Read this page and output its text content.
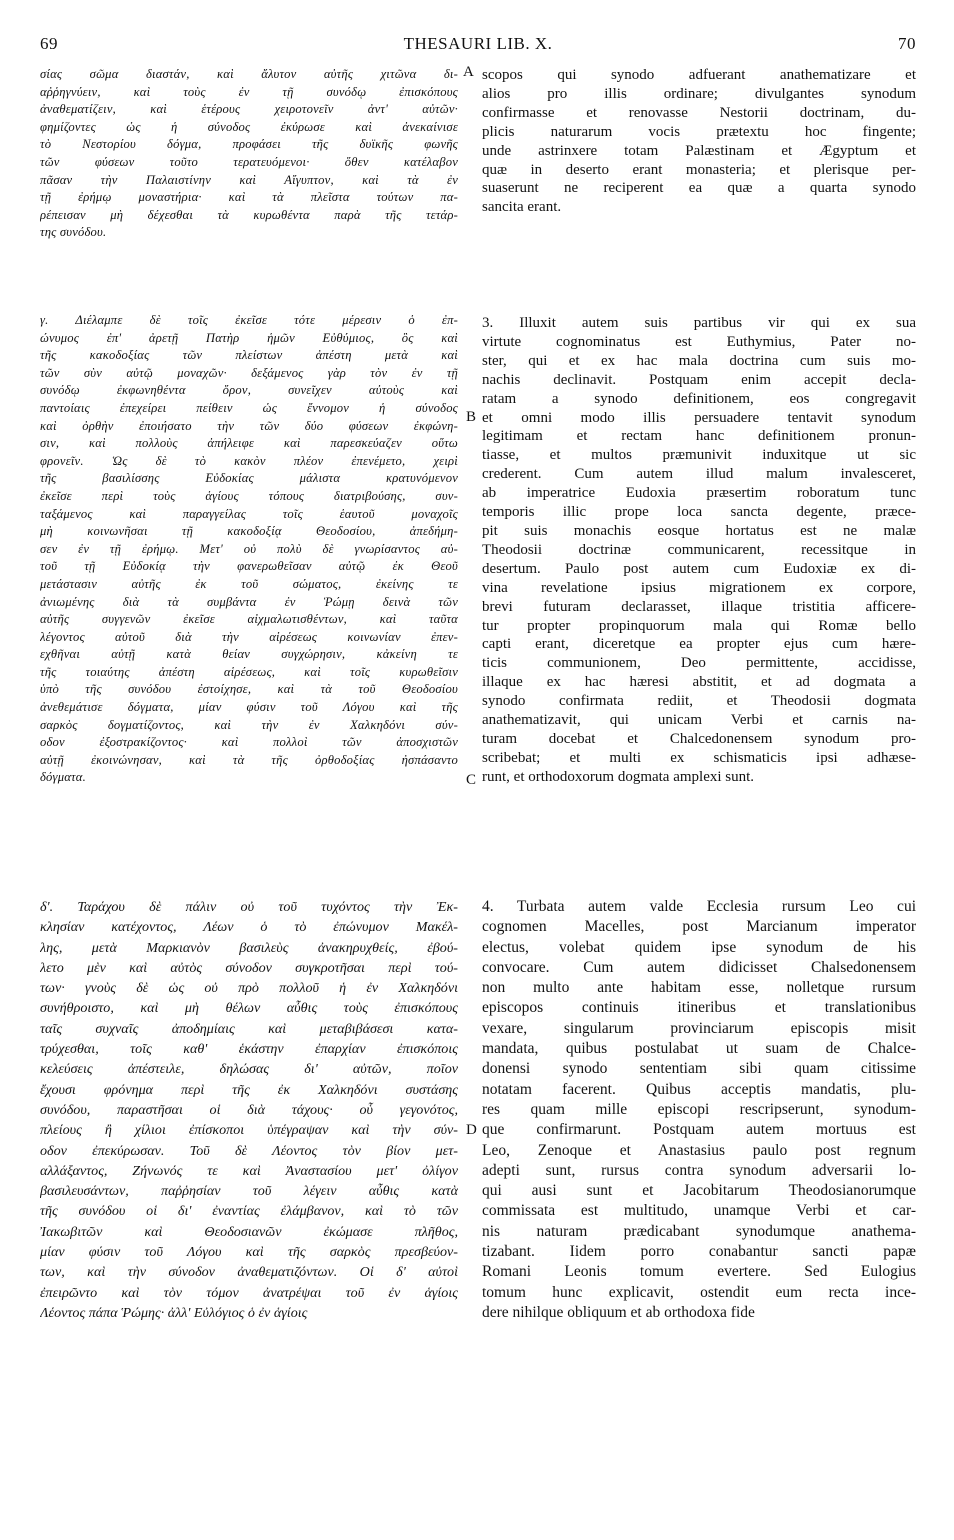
69	THESAURI LIB. X.	70
σίας σῶμα διαστάν, καὶ ἄλυτον αὐτῆς χιτῶνα δι-
αῤῥηγνύειν, καὶ τοὺς ἐν τῇ συνόδῳ ἐπισκόπους
ἀναθεματίζειν, καὶ ἑτέρους χειροτονεῖν ἀντ' αὐτῶν·
φημίζοντες ὡς ἡ σύνοδος ἐκύρωσε καὶ ἀνεκαίνισε
τὸ Νεστορίου δόγμα, προφάσει τῆς δυϊκῆς φωνῆς
τῶν φύσεων τοῦτο τερατευόμενοι· ὅθεν κατέλαβον
πᾶσαν τὴν Παλαιστίνην καὶ Αἴγυπτον, καὶ τὰ ἐν
τῇ ἐρήμῳ μοναστήρια· καὶ τὰ πλεῖστα τούτων πα-
ρέπεισαν μὴ δέχεσθαι τὰ κυρωθέντα παρὰ τῆς τετάρ-
της συνόδου.
scopos qui synodo adfuerant anathematizare et
alios pro illis ordinare; divulgantes synodum
confirmasse et renovasse Nestorii doctrinam, du-
plicis naturarum vocis prætextu hoc fingente;
unde astrinxere totam Palæstinam et Ægyptum et
quæ in deserto erant monasteria; et plerisque per-
suaserunt ne reciperent ea quæ a quarta synodo
sancita erant.
γ. Διέλαμπε δὲ τοῖς ἐκεῖσε τότε μέρεσιν ὁ ἐπ-
ώνυμος ἐπ' ἀρετῇ Πατὴρ ἡμῶν Εὐθύμιος, ὃς καὶ
τῆς κακοδοξίας τῶν πλείστων ἀπέστη μετὰ καὶ
τῶν σὺν αὐτῷ μοναχῶν· δεξάμενος γὰρ τὸν ἐν τῇ
συνόδῳ ἐκφωνηθέντα ὅρον, συνεῖχεν αὐτοὺς καὶ
παντοίαις ἐπεχείρει πείθειν ὡς ἔννομον ἡ σύνοδος
καὶ ὀρθὴν ἐποιήσατο τὴν τῶν δύο φύσεων ἐκφώνη-
σιν, καὶ πολλοὺς ἀπήλειφε καὶ παρεσκεύαζεν οὕτω
φρονεῖν. Ὡς δὲ τὸ κακὸν πλέον ἐπενέμετο, χειρὶ
τῆς βασιλίσσης Εὐδοκίας μάλιστα κρατυνόμενον
ἐκεῖσε περὶ τοὺς ἁγίους τόπους διατριβούσης, συν-
ταξάμενος καὶ παραγγείλας τοῖς ἑαυτοῦ μοναχοῖς
μὴ κοινωνῆσαι τῇ κακοδοξίᾳ Θεοδοσίου, ἀπεδήμη-
σεν ἐν τῇ ἐρήμῳ. Μετ' οὐ πολὺ δὲ γνωρίσαντος αὐ-
τοῦ τῇ Εὐδοκίᾳ τὴν φανερωθεῖσαν αὐτῷ ἐκ Θεοῦ
μετάστασιν αὐτῆς ἐκ τοῦ σώματος, ἐκείνης τε
ἀνιωμένης διὰ τὰ συμβάντα ἐν Ῥώμῃ δεινὰ τῶν
αὐτῆς συγγενῶν ἐκεῖσε αἰχμαλωτισθέντων, καὶ ταῦτα
λέγοντος αὐτοῦ διὰ τὴν αἱρέσεως κοινωνίαν ἐπεν-
εχθῆναι αὐτῇ κατὰ θείαν συγχώρησιν, κἀκείνη τε
τῆς τοιαύτης ἀπέστη αἱρέσεως, καὶ τοῖς κυρωθεῖσιν
ὑπὸ τῆς συνόδου ἐστοίχησε, καὶ τὰ τοῦ Θεοδοσίου
ἀνεθεμάτισε δόγματα, μίαν φύσιν τοῦ Λόγου καὶ τῆς
σαρκὸς δογματίζοντος, καὶ τὴν ἐν Χαλκηδόνι σύν-
οδον ἐξοστρακίζοντος· καὶ πολλοὶ τῶν ἀποσχιστῶν
αὐτῇ ἐκοινώνησαν, καὶ τὰ τῆς ὀρθοδοξίας ἠσπάσαντο
δόγματα.
3. Illuxit autem suis partibus vir qui ex sua
virtute cognominatus est Euthymius, Pater no-
ster, qui et ex hac mala doctrina cum suis mo-
nachis declinavit. Postquam enim accepit decla-
ratam a synodo definitionem, eos congregavit
et omni modo illis persuadere tentavit synodum
legitimam et rectam hanc definitionem pronun-
tiasse, et multos præmunivit induxitque ut sic
crederent. Cum autem illud malum invalesceret,
ab imperatrice Eudoxia præsertim roboratum tunc
temporis illic prope loca sancta degente, præce-
pit suis monachis eosque hortatus est ne malæ
Theodosii doctrinæ communicarent, recessitque in
desertum. Paulo post autem cum Eudoxiæ ex di-
vina revelatione ipsius migrationem ex corpore,
brevi futuram declarasset, illaque tristitia afficere-
tur propter propinquorum mala qui Romæ bello
capti erant, diceretque ea propter ejus cum hære-
ticis communionem, Deo permittente, accidisse,
illaque ex hac hæresi abstitit, et ad dogmata a
synodo confirmata rediit, et Theodosii dogmata
anathematizavit, qui unicam Verbi et carnis na-
turam docebat et Chalcedonensem synodum pro-
scribebat; et multi ex schismaticis ipsi adhæse-
runt, et orthodoxorum dogmata amplexi sunt.
δ'. Ταράχου δὲ πάλιν οὐ τοῦ τυχόντος τὴν Ἐκ-
κλησίαν κατέχοντος, Λέων ὁ τὸ ἐπώνυμον Μακέλ-
λης, μετὰ Μαρκιανὸν βασιλεὺς ἀνακηρυχθείς, ἐβού-
λετο μὲν καὶ αὐτὸς σύνοδον συγκροτῆσαι περὶ τού-
των· γνοὺς δὲ ὡς οὐ πρὸ πολλοῦ ἡ ἐν Χαλκηδόνι
συνήθροιστο, καὶ μὴ θέλων αὖθις τοὺς ἐπισκόπους
ταῖς συχναῖς ἀποδημίαις καὶ μεταβιβάσεσι κατα-
τρύχεσθαι, τοῖς καθ' ἑκάστην ἐπαρχίαν ἐπισκόποις
κελεύσεις ἀπέστειλε, δηλώσας δι' αὐτῶν, ποῖον
ἔχουσι φρόνημα περὶ τῆς ἐκ Χαλκηδόνι συστάσης
συνόδου, παραστῆσαι οἱ διὰ τάχους· οὗ γεγονότος,
πλείους ἢ χίλιοι ἐπίσκοποι ὑπέγραψαν καὶ τὴν σύν-
οδον ἐπεκύρωσαν. Τοῦ δὲ Λέοντος τὸν βίον μετ-
αλλάξαντος, Ζήνωνός τε καὶ Ἀναστασίου μετ' ὀλίγον
βασιλευσάντων, παῤῥησίαν τοῦ λέγειν αὖθις κατὰ
τῆς συνόδου οἱ δι' ἐναντίας ἐλάμβανον, καὶ τὸ τῶν
Ἰακωβιτῶν καὶ Θεοδοσιανῶν ἐκώμασε πλῆθος,
μίαν φύσιν τοῦ Λόγου καὶ τῆς σαρκὸς πρεσβεύον-
των, καὶ τὴν σύνοδον ἀναθεματιζόντων. Οἱ δ' αὐτοὶ
ἐπειρῶντο καὶ τὸν τόμον ἀνατρέψαι τοῦ ἐν ἁγίοις
Λέοντος πάπα Ῥώμης· ἀλλ' Εὐλόγιος ὁ ἐν ἁγίοις
4. Turbata autem valde Ecclesia rursum Leo cui
cognomen Macelles, post Marcianum imperator
electus, volebat quidem ipse synodum de his
convocare. Cum autem didicisset Chalsedonensem
non multo ante habitam esse, nolletque rursum
episcopos continuis itineribus et translationibus
vexare, singularum provinciarum episcopis misit
mandata, quibus postulabat ut suam de Chalce-
donensi synodo sententiam sibi quam citissime
notatam facerent. Quibus acceptis mandatis, plu-
res quam mille episcopi rescripserunt, synodum-
que confirmarunt. Postquam autem mortuus est
Leo, Zenoque et Anastasius paulo post regnum
adepti sunt, rursus contra synodum adversarii lo-
qui ausi sunt et Jacobitarum Theodosianorumque
commissata est multitudo, unamque Verbi et car-
nis naturam prædicabant synodumque anathema-
tizabant. Iidem porro conabantur sancti papæ
Romani Leonis tomum evertere. Sed Eulogius
tomum hunc explicavit, ostendit eum recta ince-
dere nihilque obliquum et ab orthodoxa fide
A
B
C
D
